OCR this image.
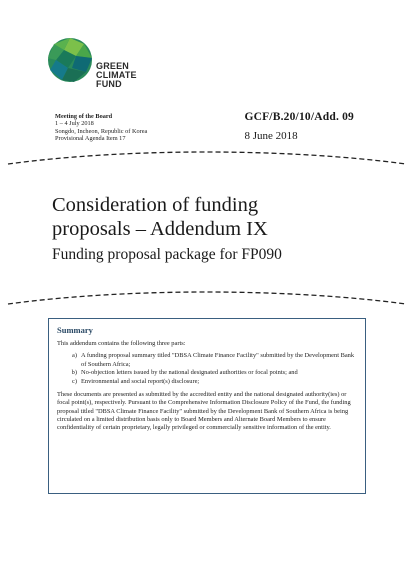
GREEN
CLIMATE
FUND
Meeting of the Board
1 – 4 July 2018
Songdo, Incheon, Republic of Korea
Provisional Agenda Item 17
GCF/B.20/10/Add. 09
8 June 2018
Consideration of funding
proposals – Addendum IX
Funding proposal package for FP090
Summary
This addendum contains the following three parts:
a) A funding proposal summary titled "DBSA Climate Finance Facility" submitted by the Development Bank of Southern Africa;
b) No-objection letters issued by the national designated authorities or focal points; and
c) Environmental and social report(s) disclosure;
These documents are presented as submitted by the accredited entity and the national designated authority(ies) or focal point(s), respectively. Pursuant to the Comprehensive Information Disclosure Policy of the Fund, the funding proposal titled "DBSA Climate Finance Facility" submitted by the Development Bank of Southern Africa is being circulated on a limited distribution basis only to Board Members and Alternate Board Members to ensure confidentiality of certain proprietary, legally privileged or commercially sensitive information of the entity.
